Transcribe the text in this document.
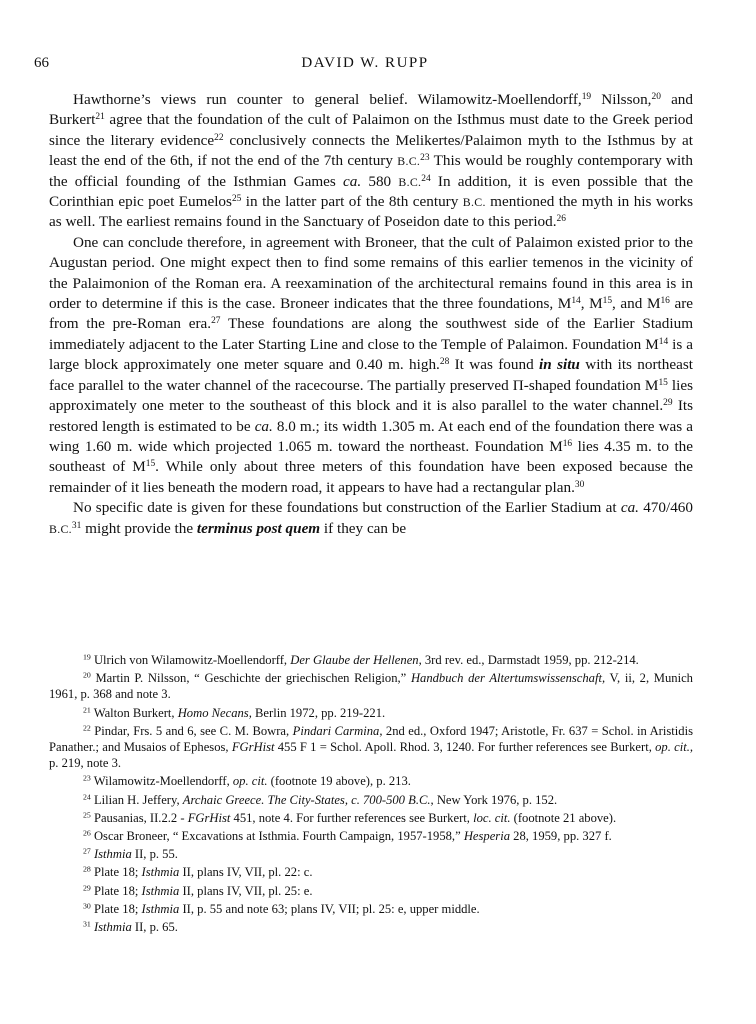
66	DAVID W. RUPP

Hawthorne’s views run counter to general belief. Wilamowitz-Moellendorff,$^{19}$ Nilsson,$^{20}$ and Burkert$^{21}$ agree that the foundation of the cult of Palaimon on the Isthmus must date to the Greek period since the literary evidence$^{22}$ conclusively connects the Melikertes/Palaimon myth to the Isthmus by at least the end of the 6th, if not the end of the 7th century B.C.$^{23}$ This would be roughly contemporary with the official founding of the Isthmian Games ca. 580 B.C.$^{24}$ In addition, it is even possible that the Corinthian epic poet Eumelos$^{25}$ in the latter part of the 8th century B.C. mentioned the myth in his works as well. The earliest remains found in the Sanctuary of Poseidon date to this period.$^{26}$

One can conclude therefore, in agreement with Broneer, that the cult of Palaimon existed prior to the Augustan period. One might expect then to find some remains of this earlier temenos in the vicinity of the Palaimonion of the Roman era. A reexamination of the architectural remains found in this area is in order to determine if this is the case. Broneer indicates that the three foundations, $M^{14}$, $M^{15}$, and $M^{16}$ are from the pre-Roman era.$^{27}$ These foundations are along the southwest side of the Earlier Stadium immediately adjacent to the Later Starting Line and close to the Temple of Palaimon. Foundation $M^{14}$ is a large block approximately one meter square and 0.40 m. high.$^{28}$ It was found in situ with its northeast face parallel to the water channel of the racecourse. The partially preserved Π-shaped foundation $M^{15}$ lies approximately one meter to the southeast of this block and it is also parallel to the water channel.$^{29}$ Its restored length is estimated to be ca. 8.0 m.; its width 1.305 m. At each end of the foundation there was a wing 1.60 m. wide which projected 1.065 m. toward the northeast. Foundation $M^{16}$ lies 4.35 m. to the southeast of $M^{15}$. While only about three meters of this foundation have been exposed because the remainder of it lies beneath the modern road, it appears to have had a rectangular plan.$^{30}$

No specific date is given for these foundations but construction of the Earlier Stadium at ca. 470/460 B.C.$^{31}$ might provide the terminus post quem if they can be

$^{19}$ Ulrich von Wilamowitz-Moellendorff, Der Glaube der Hellenen, 3rd rev. ed., Darmstadt 1959, pp. 212-214.

$^{20}$ Martin P. Nilsson, “ Geschichte der griechischen Religion,” Handbuch der Altertumswissenschaft, V, ii, 2, Munich 1961, p. 368 and note 3.

$^{21}$ Walton Burkert, Homo Necans, Berlin 1972, pp. 219-221.

$^{22}$ Pindar, Frs. 5 and 6, see C. M. Bowra, Pindari Carmina, 2nd ed., Oxford 1947; Aristotle, Fr. 637 = Schol. in Aristidis Panather.; and Musaios of Ephesos, FGrHist 455 F 1 = Schol. Apoll. Rhod. 3, 1240. For further references see Burkert, op. cit., p. 219, note 3.

$^{23}$ Wilamowitz-Moellendorff, op. cit. (footnote 19 above), p. 213.

$^{24}$ Lilian H. Jeffery, Archaic Greece. The City-States, c. 700-500 B.C., New York 1976, p. 152.

$^{25}$ Pausanias, II.2.2 - FGrHist 451, note 4. For further references see Burkert, loc. cit. (footnote 21 above).

$^{26}$ Oscar Broneer, “ Excavations at Isthmia. Fourth Campaign, 1957-1958,” Hesperia 28, 1959, pp. 327 f.

$^{27}$ Isthmia II, p. 55.

$^{28}$ Plate 18; Isthmia II, plans IV, VII, pl. 22: c.

$^{29}$ Plate 18; Isthmia II, plans IV, VII, pl. 25: e.

$^{30}$ Plate 18; Isthmia II, p. 55 and note 63; plans IV, VII; pl. 25: e, upper middle.

$^{31}$ Isthmia II, p. 65.
